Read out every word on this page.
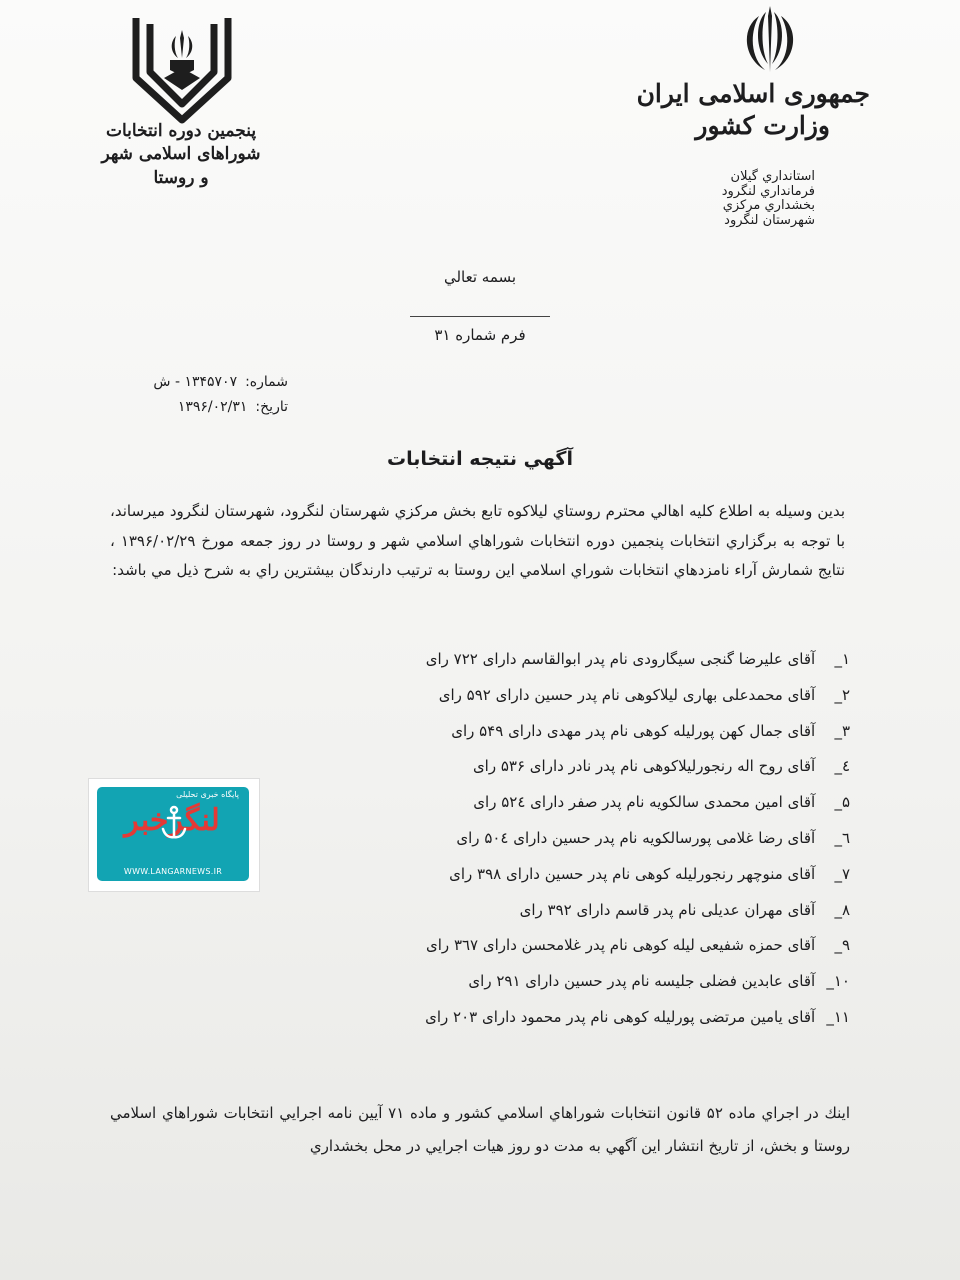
جمهوری اسلامی ایران
وزارت کشور
استانداري گيلان
فرمانداري لنگرود
بخشداري مركزي
شهرستان لنگرود
پنجمین دوره انتخابات
شوراهای اسلامی شهر و روستا
بسمه تعالي
فرم شماره ۳۱
شماره:۱۳۴۵۷۰۷ - ش
تاريخ:۱۳۹۶/۰۲/۳۱
آگهي نتيجه انتخابات
بدين وسيله به اطلاع كليه اهالي محترم روستاي ليلاكوه تابع بخش مركزي شهرستان لنگرود، شهرستان لنگرود ميرساند، با توجه به برگزاري انتخابات پنجمين دوره انتخابات شوراهاي اسلامي شهر و روستا در روز جمعه مورخ ۱۳۹۶/۰۲/۲۹ ، نتايج شمارش آراء نامزدهاي انتخابات شوراي اسلامي اين روستا به ترتيب دارندگان بيشترين راي به شرح ذيل مي باشد:
۱_ آقای علیرضا گنجی سیگارودی نام پدر ابوالقاسم دارای ۷۲۲ رای
۲_ آقای محمدعلی بهاری لیلاکوهی نام پدر حسین دارای ۵۹۲ رای
۳_ آقای جمال کهن پورلیله کوهی نام پدر مهدی دارای ۵۴۹ رای
٤_ آقای روح اله رنجورلیلاکوهی نام پدر نادر دارای ۵۳۶ رای
۵_ آقای امین محمدی سالکویه نام پدر صفر دارای ۵۲٤ رای
٦_ آقای رضا غلامی پورسالکویه نام پدر حسین دارای ۵۰٤ رای
۷_ آقای منوچهر رنجورلیله کوهی نام پدر حسین دارای ۳۹۸ رای
۸_ آقای مهران عدیلی نام پدر قاسم دارای ۳۹۲ رای
۹_ آقای حمزه شفیعی لیله کوهی نام پدر غلامحسن دارای ۳٦۷ رای
۱۰_ آقای عابدین فضلی جلیسه نام پدر حسین دارای ۲۹۱ رای
۱۱_ آقای یامین مرتضی پورلیله کوهی نام پدر محمود دارای ۲۰۳ رای
اينك در اجراي ماده ۵۲ قانون انتخابات شوراهاي اسلامي كشور و ماده ۷۱ آيين نامه اجرايي انتخابات شوراهاي اسلامي روستا و بخش، از تاريخ انتشار اين آگهي به مدت دو روز هيات اجرايي در محل بخشداري
پایگاه خبری تحلیلی
لنگرخبر
WWW.LANGARNEWS.IR
